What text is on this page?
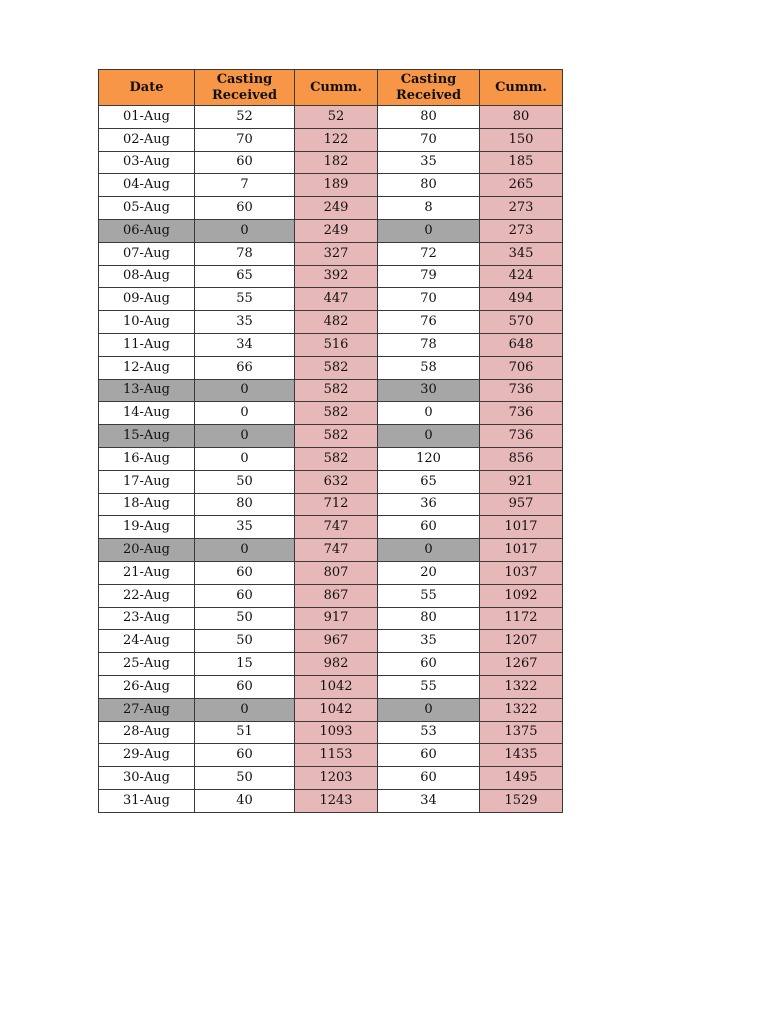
Date	Casting Received	Cumm.	Casting Received	Cumm.
01-Aug	52	52	80	80
02-Aug	70	122	70	150
03-Aug	60	182	35	185
04-Aug	7	189	80	265
05-Aug	60	249	8	273
06-Aug	0	249	0	273
07-Aug	78	327	72	345
08-Aug	65	392	79	424
09-Aug	55	447	70	494
10-Aug	35	482	76	570
11-Aug	34	516	78	648
12-Aug	66	582	58	706
13-Aug	0	582	30	736
14-Aug	0	582	0	736
15-Aug	0	582	0	736
16-Aug	0	582	120	856
17-Aug	50	632	65	921
18-Aug	80	712	36	957
19-Aug	35	747	60	1017
20-Aug	0	747	0	1017
21-Aug	60	807	20	1037
22-Aug	60	867	55	1092
23-Aug	50	917	80	1172
24-Aug	50	967	35	1207
25-Aug	15	982	60	1267
26-Aug	60	1042	55	1322
27-Aug	0	1042	0	1322
28-Aug	51	1093	53	1375
29-Aug	60	1153	60	1435
30-Aug	50	1203	60	1495
31-Aug	40	1243	34	1529
